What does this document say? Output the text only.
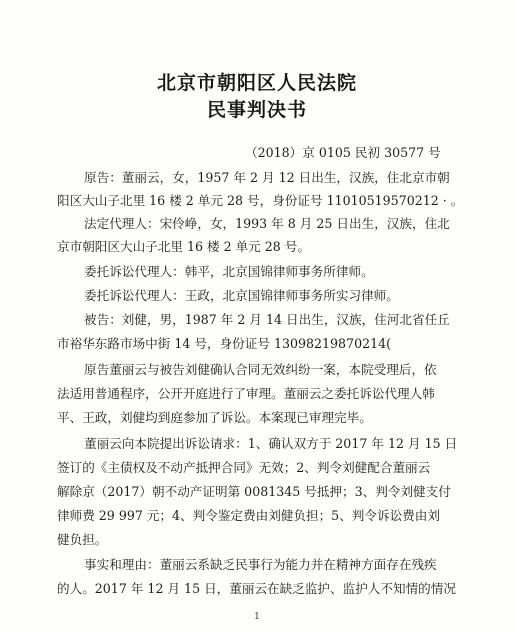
北京市朝阳区人民法院
民事判决书

（2018）京 0105 民初 30577 号

原告：董丽云，女，1957 年 2 月 12 日出生，汉族，住北京市朝

阳区大山子北里 16 楼 2 单元 28 号，身份证号 11010519570212 · 。

法定代理人：宋伶峥，女，1993 年 8 月 25 日出生，汉族，住北

京市朝阳区大山子北里 16 楼 2 单元 28 号。

委托诉讼代理人：韩平，北京国锦律师事务所律师。

委托诉讼代理人：王政，北京国锦律师事务所实习律师。

被告：刘健，男，1987 年 2 月 14 日出生，汉族，住河北省任丘

市裕华东路市场中街 14 号，身份证号 13098219870214(

原告董丽云与被告刘健确认合同无效纠纷一案，本院受理后，依

法适用普通程序，公开开庭进行了审理。董丽云之委托诉讼代理人韩

平、王政，刘健均到庭参加了诉讼。本案现已审理完毕。

董丽云向本院提出诉讼请求：1、确认双方于 2017 年 12 月 15 日

签订的《主债权及不动产抵押合同》无效；2、判令刘健配合董丽云

解除京（2017）朝不动产证明第 0081345 号抵押；3、判令刘健支付

律师费 29 997 元；4、判令鉴定费由刘健负担；5、判令诉讼费由刘

健负担。

事实和理由：董丽云系缺乏民事行为能力并在精神方面存在残疾

的人。2017 年 12 月 15 日，董丽云在缺乏监护、监护人不知情的情况

1
